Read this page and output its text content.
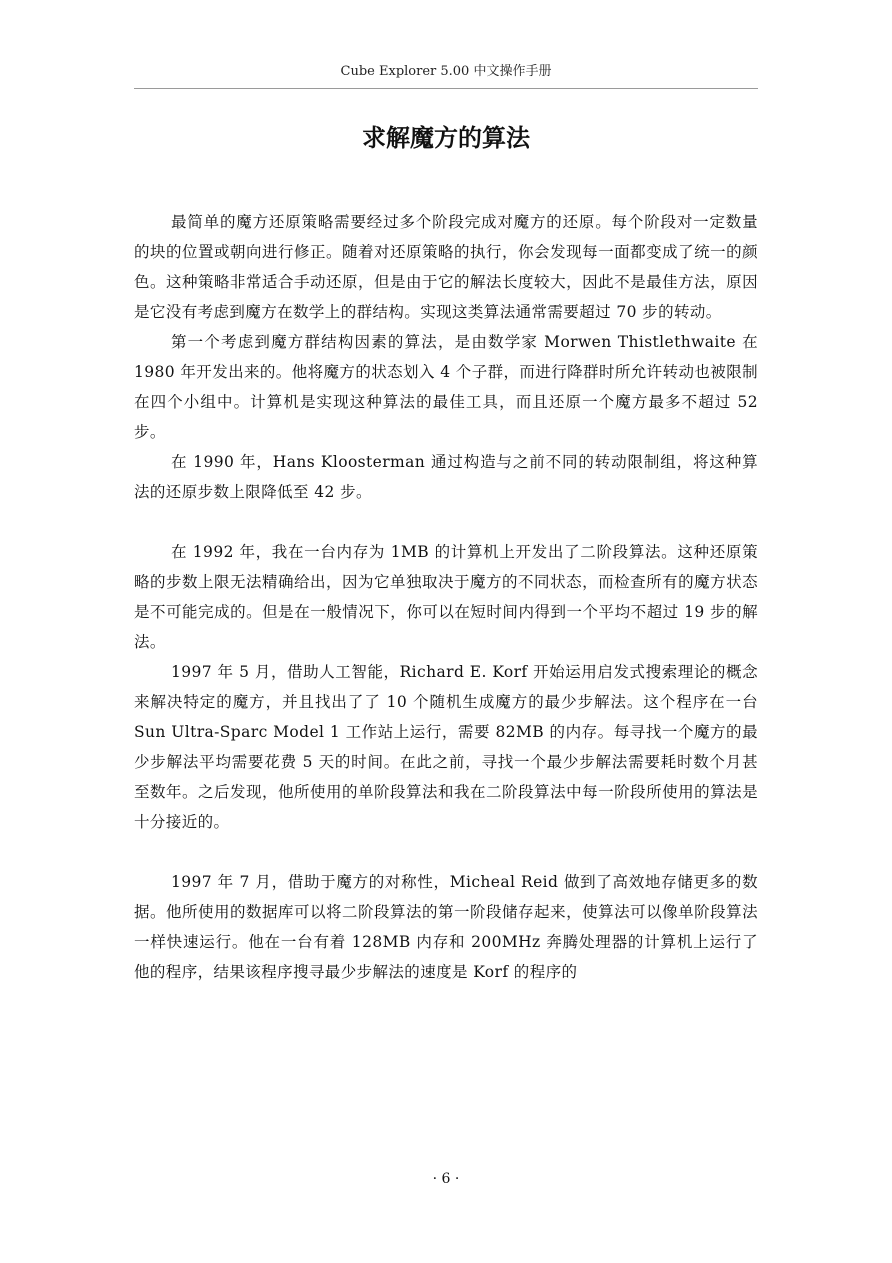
Cube Explorer 5.00 中文操作手册
求解魔方的算法

最简单的魔方还原策略需要经过多个阶段完成对魔方的还原。每个阶段对一定数量的块的位置或朝向进行修正。随着对还原策略的执行，你会发现每一面都变成了统一的颜色。这种策略非常适合手动还原，但是由于它的解法长度较大，因此不是最佳方法，原因是它没有考虑到魔方在数学上的群结构。实现这类算法通常需要超过 70 步的转动。

第一个考虑到魔方群结构因素的算法，是由数学家 Morwen Thistlethwaite 在 1980 年开发出来的。他将魔方的状态划入 4 个子群，而进行降群时所允许转动也被限制在四个小组中。计算机是实现这种算法的最佳工具，而且还原一个魔方最多不超过 52 步。

在 1990 年，Hans Kloosterman 通过构造与之前不同的转动限制组，将这种算法的还原步数上限降低至 42 步。

在 1992 年，我在一台内存为 1MB 的计算机上开发出了二阶段算法。这种还原策略的步数上限无法精确给出，因为它单独取决于魔方的不同状态，而检查所有的魔方状态是不可能完成的。但是在一般情况下，你可以在短时间内得到一个平均不超过 19 步的解法。

1997 年 5 月，借助人工智能，Richard E. Korf 开始运用启发式搜索理论的概念来解决特定的魔方，并且找出了了 10 个随机生成魔方的最少步解法。这个程序在一台 Sun Ultra-Sparc Model 1 工作站上运行，需要 82MB 的内存。每寻找一个魔方的最少步解法平均需要花费 5 天的时间。在此之前，寻找一个最少步解法需要耗时数个月甚至数年。之后发现，他所使用的单阶段算法和我在二阶段算法中每一阶段所使用的算法是十分接近的。

1997 年 7 月，借助于魔方的对称性，Micheal Reid 做到了高效地存储更多的数据。他所使用的数据库可以将二阶段算法的第一阶段储存起来，使算法可以像单阶段算法一样快速运行。他在一台有着 128MB 内存和 200MHz 奔腾处理器的计算机上运行了他的程序，结果该程序搜寻最少步解法的速度是 Korf 的程序的

· 6 ·
